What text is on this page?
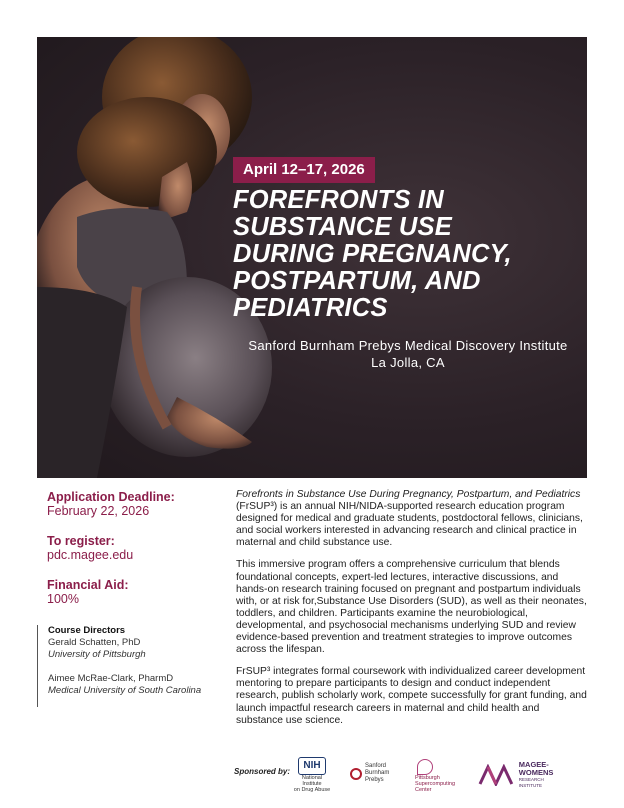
April 12–17, 2026
FOREFRONTS IN
SUBSTANCE USE
DURING PREGNANCY,
POSTPARTUM, AND
PEDIATRICS
Sanford Burnham Prebys Medical Discovery Institute
La Jolla, CA
Application Deadline:
February 22, 2026
To register:
pdc.magee.edu
Financial Aid:
100%
Course Directors
Gerald Schatten, PhD
University of Pittsburgh
Aimee McRae-Clark, PharmD
Medical University of South Carolina

Forefronts in Substance Use During Pregnancy, Postpartum, and Pediatrics (FrSUP³) is an annual NIH/NIDA-supported research education program designed for medical and graduate students, postdoctoral fellows, clinicians, and social workers interested in advancing research and clinical practice in maternal and child substance use.

This immersive program offers a comprehensive curriculum that blends foundational concepts, expert-led lectures, interactive discussions, and hands-on research training focused on pregnant and postpartum individuals with, or at risk for,Substance Use Disorders (SUD), as well as their neonates, toddlers, and children. Participants examine the neurobiological, developmental, and psychosocial mechanisms underlying SUD and review evidence-based prevention and treatment strategies to improve outcomes across the lifespan.

FrSUP³ integrates formal coursework with individualized career development mentoring to prepare participants to design and conduct independent research, publish scholarly work, compete successfully for grant funding, and launch impactful research careers in maternal and child health and substance use science.

Sponsored by:
NIH
National Institute
on Drug Abuse
Sanford
Burnham
Prebys	Pittsburgh
Supercomputing
Center
MAGEE-
WOMENS
RESEARCH INSTITUTE
